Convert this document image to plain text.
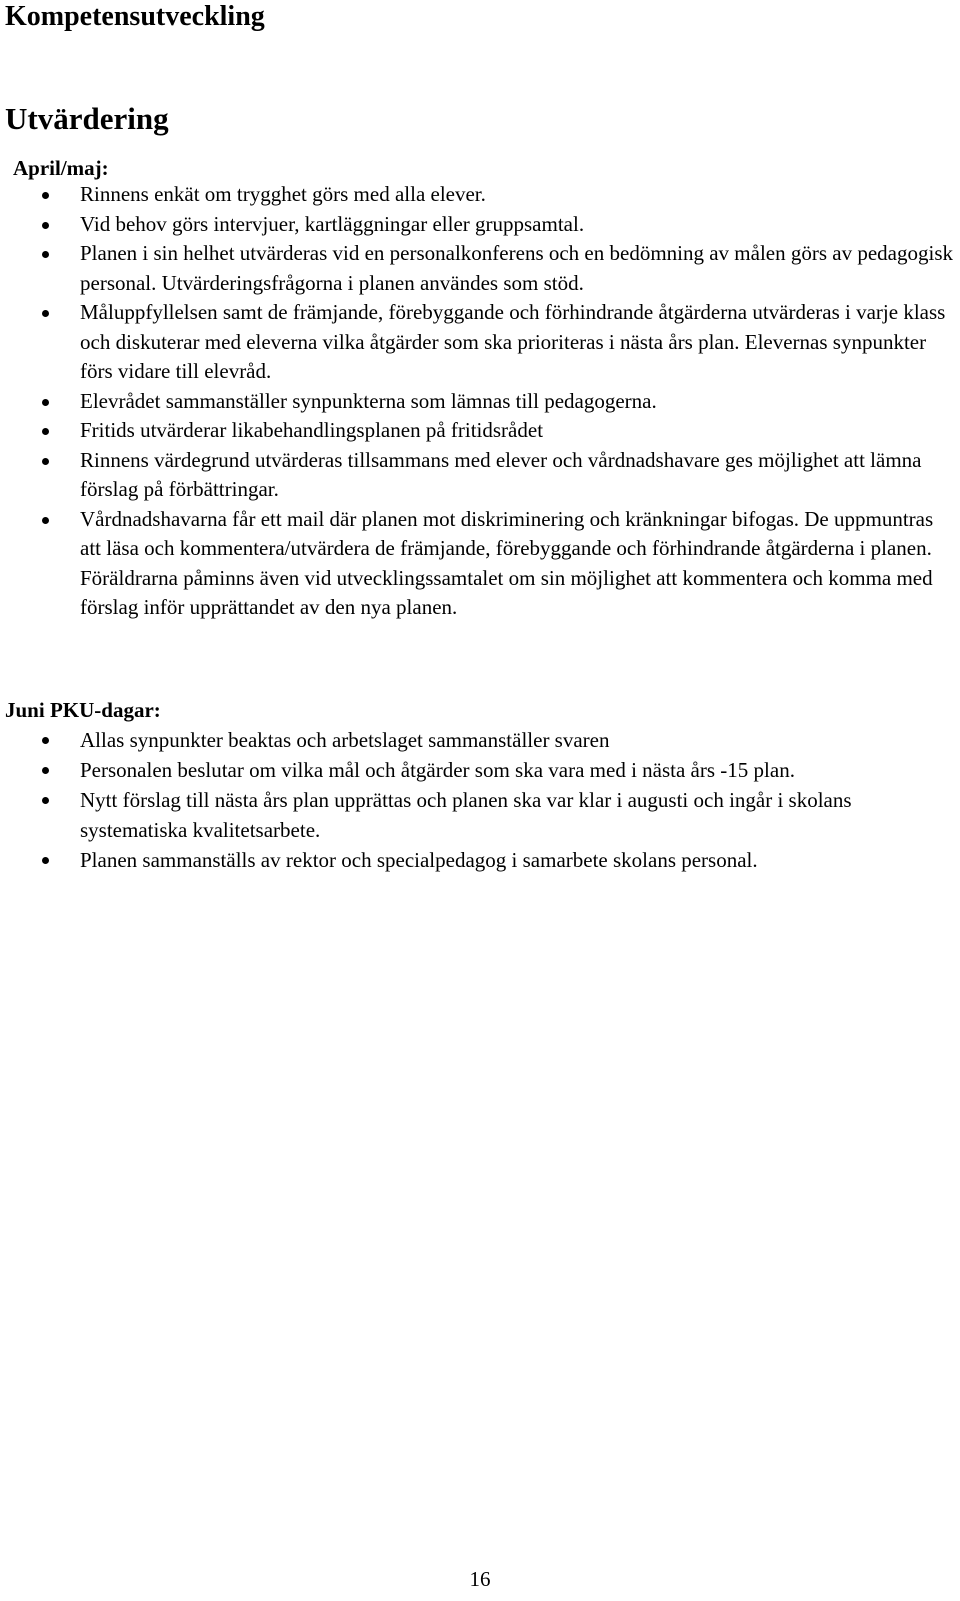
Kompetensutveckling
Utvärdering
April/maj:
Rinnens enkät om trygghet görs med alla elever.
Vid behov görs intervjuer, kartläggningar eller gruppsamtal.
Planen i sin helhet utvärderas vid en personalkonferens och en bedömning av målen görs av pedagogisk personal. Utvärderingsfrågorna i planen användes som stöd.
Måluppfyllelsen samt de främjande, förebyggande och förhindrande åtgärderna utvärderas i varje klass och diskuterar med eleverna vilka åtgärder som ska prioriteras i nästa års plan. Elevernas synpunkter förs vidare till elevråd.
Elevrådet sammanställer synpunkterna som lämnas till pedagogerna.
Fritids utvärderar likabehandlingsplanen på fritidsrådet
Rinnens värdegrund utvärderas tillsammans med elever och vårdnadshavare ges möjlighet att lämna förslag på förbättringar.
Vårdnadshavarna får ett mail där planen mot diskriminering och kränkningar bifogas. De uppmuntras att läsa och kommentera/utvärdera de främjande, förebyggande och förhindrande åtgärderna i planen. Föräldrarna påminns även vid utvecklingssamtalet om sin möjlighet att kommentera och komma med förslag inför upprättandet av den nya planen.
Juni PKU-dagar:
Allas synpunkter beaktas och arbetslaget sammanställer svaren
Personalen beslutar om vilka mål och åtgärder som ska vara med i nästa års -15 plan.
Nytt förslag till nästa års plan upprättas och planen ska var klar i augusti och ingår i skolans systematiska kvalitetsarbete.
Planen sammanställs av rektor och specialpedagog i samarbete skolans personal.
16
